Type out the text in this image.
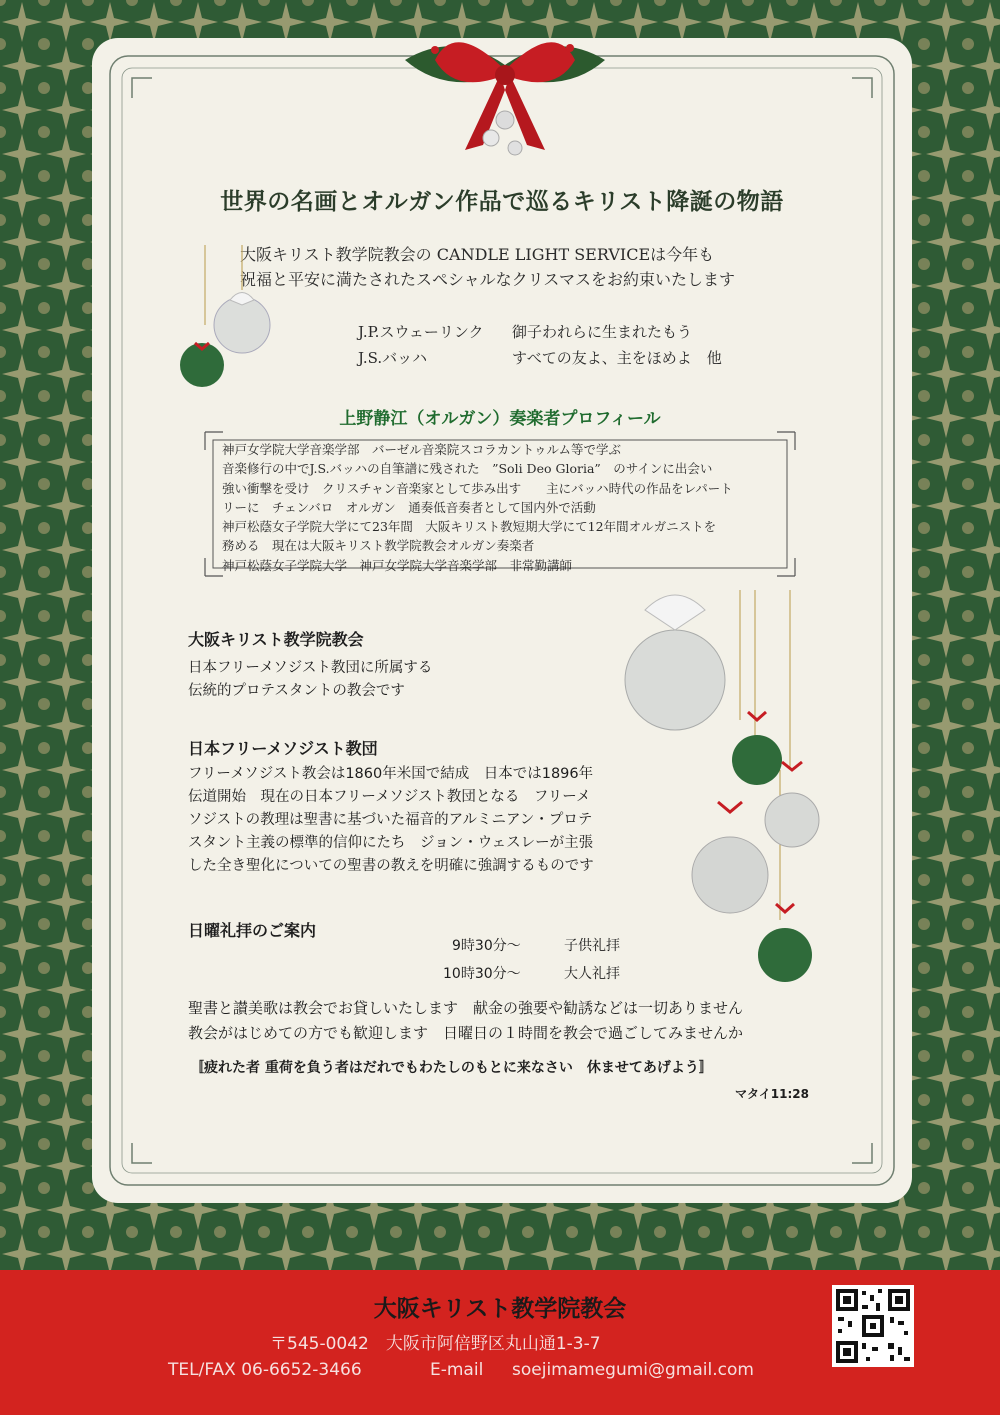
世界の名画とオルガン作品で巡るキリスト降誕の物語
大阪キリスト教学院教会の CANDLE LIGHT SERVICEは今年も
祝福と平安に満たされたスペシャルなクリスマスをお約束いたします
J.P.スウェーリンク 御子われらに生まれたもう
J.S.バッハ	すべての友よ、主をほめよ　他
上野静江（オルガン）奏楽者プロフィール
神戸女学院大学音楽学部　バーゼル音楽院スコラカントゥルム等で学ぶ
音楽修行の中でJ.S.バッハの自筆譜に残された　”Soli Deo Gloria”　のサインに出会い
強い衝撃を受け　クリスチャン音楽家として歩み出す　　主にバッハ時代の作品をレパート
リーに　チェンバロ　オルガン　通奏低音奏者として国内外で活動
神戸松蔭女子学院大学にて23年間　大阪キリスト教短期大学にて12年間オルガニストを
務める　現在は大阪キリスト教学院教会オルガン奏楽者
神戸松蔭女子学院大学　神戸女学院大学音楽学部　非常勤講師
大阪キリスト教学院教会
日本フリーメソジスト教団に所属する
伝統的プロテスタントの教会です
日本フリーメソジスト教団
フリーメソジスト教会は1860年米国で結成　日本では1896年
伝道開始　現在の日本フリーメソジスト教団となる　フリーメ
ソジストの教理は聖書に基づいた福音的アルミニアン・プロテ
スタント主義の標準的信仰にたち　ジョン・ウェスレーが主張
した全き聖化についての聖書の教えを明確に強調するものです
日曜礼拝のご案内
9時30分～	子供礼拝
10時30分～	大人礼拝
聖書と讃美歌は教会でお貸しいたします　献金の強要や勧誘などは一切ありません
教会がはじめての方でも歓迎します　日曜日の１時間を教会で過ごしてみませんか
〚疲れた者 重荷を負う者はだれでもわたしのもとに来なさい　休ませてあげよう〛
マタイ11:28
大阪キリスト教学院教会
〒545-0042　大阪市阿倍野区丸山通1-3-7
TEL/FAX 06-6652-3466	E-mail soejimamegumi@gmail.com
